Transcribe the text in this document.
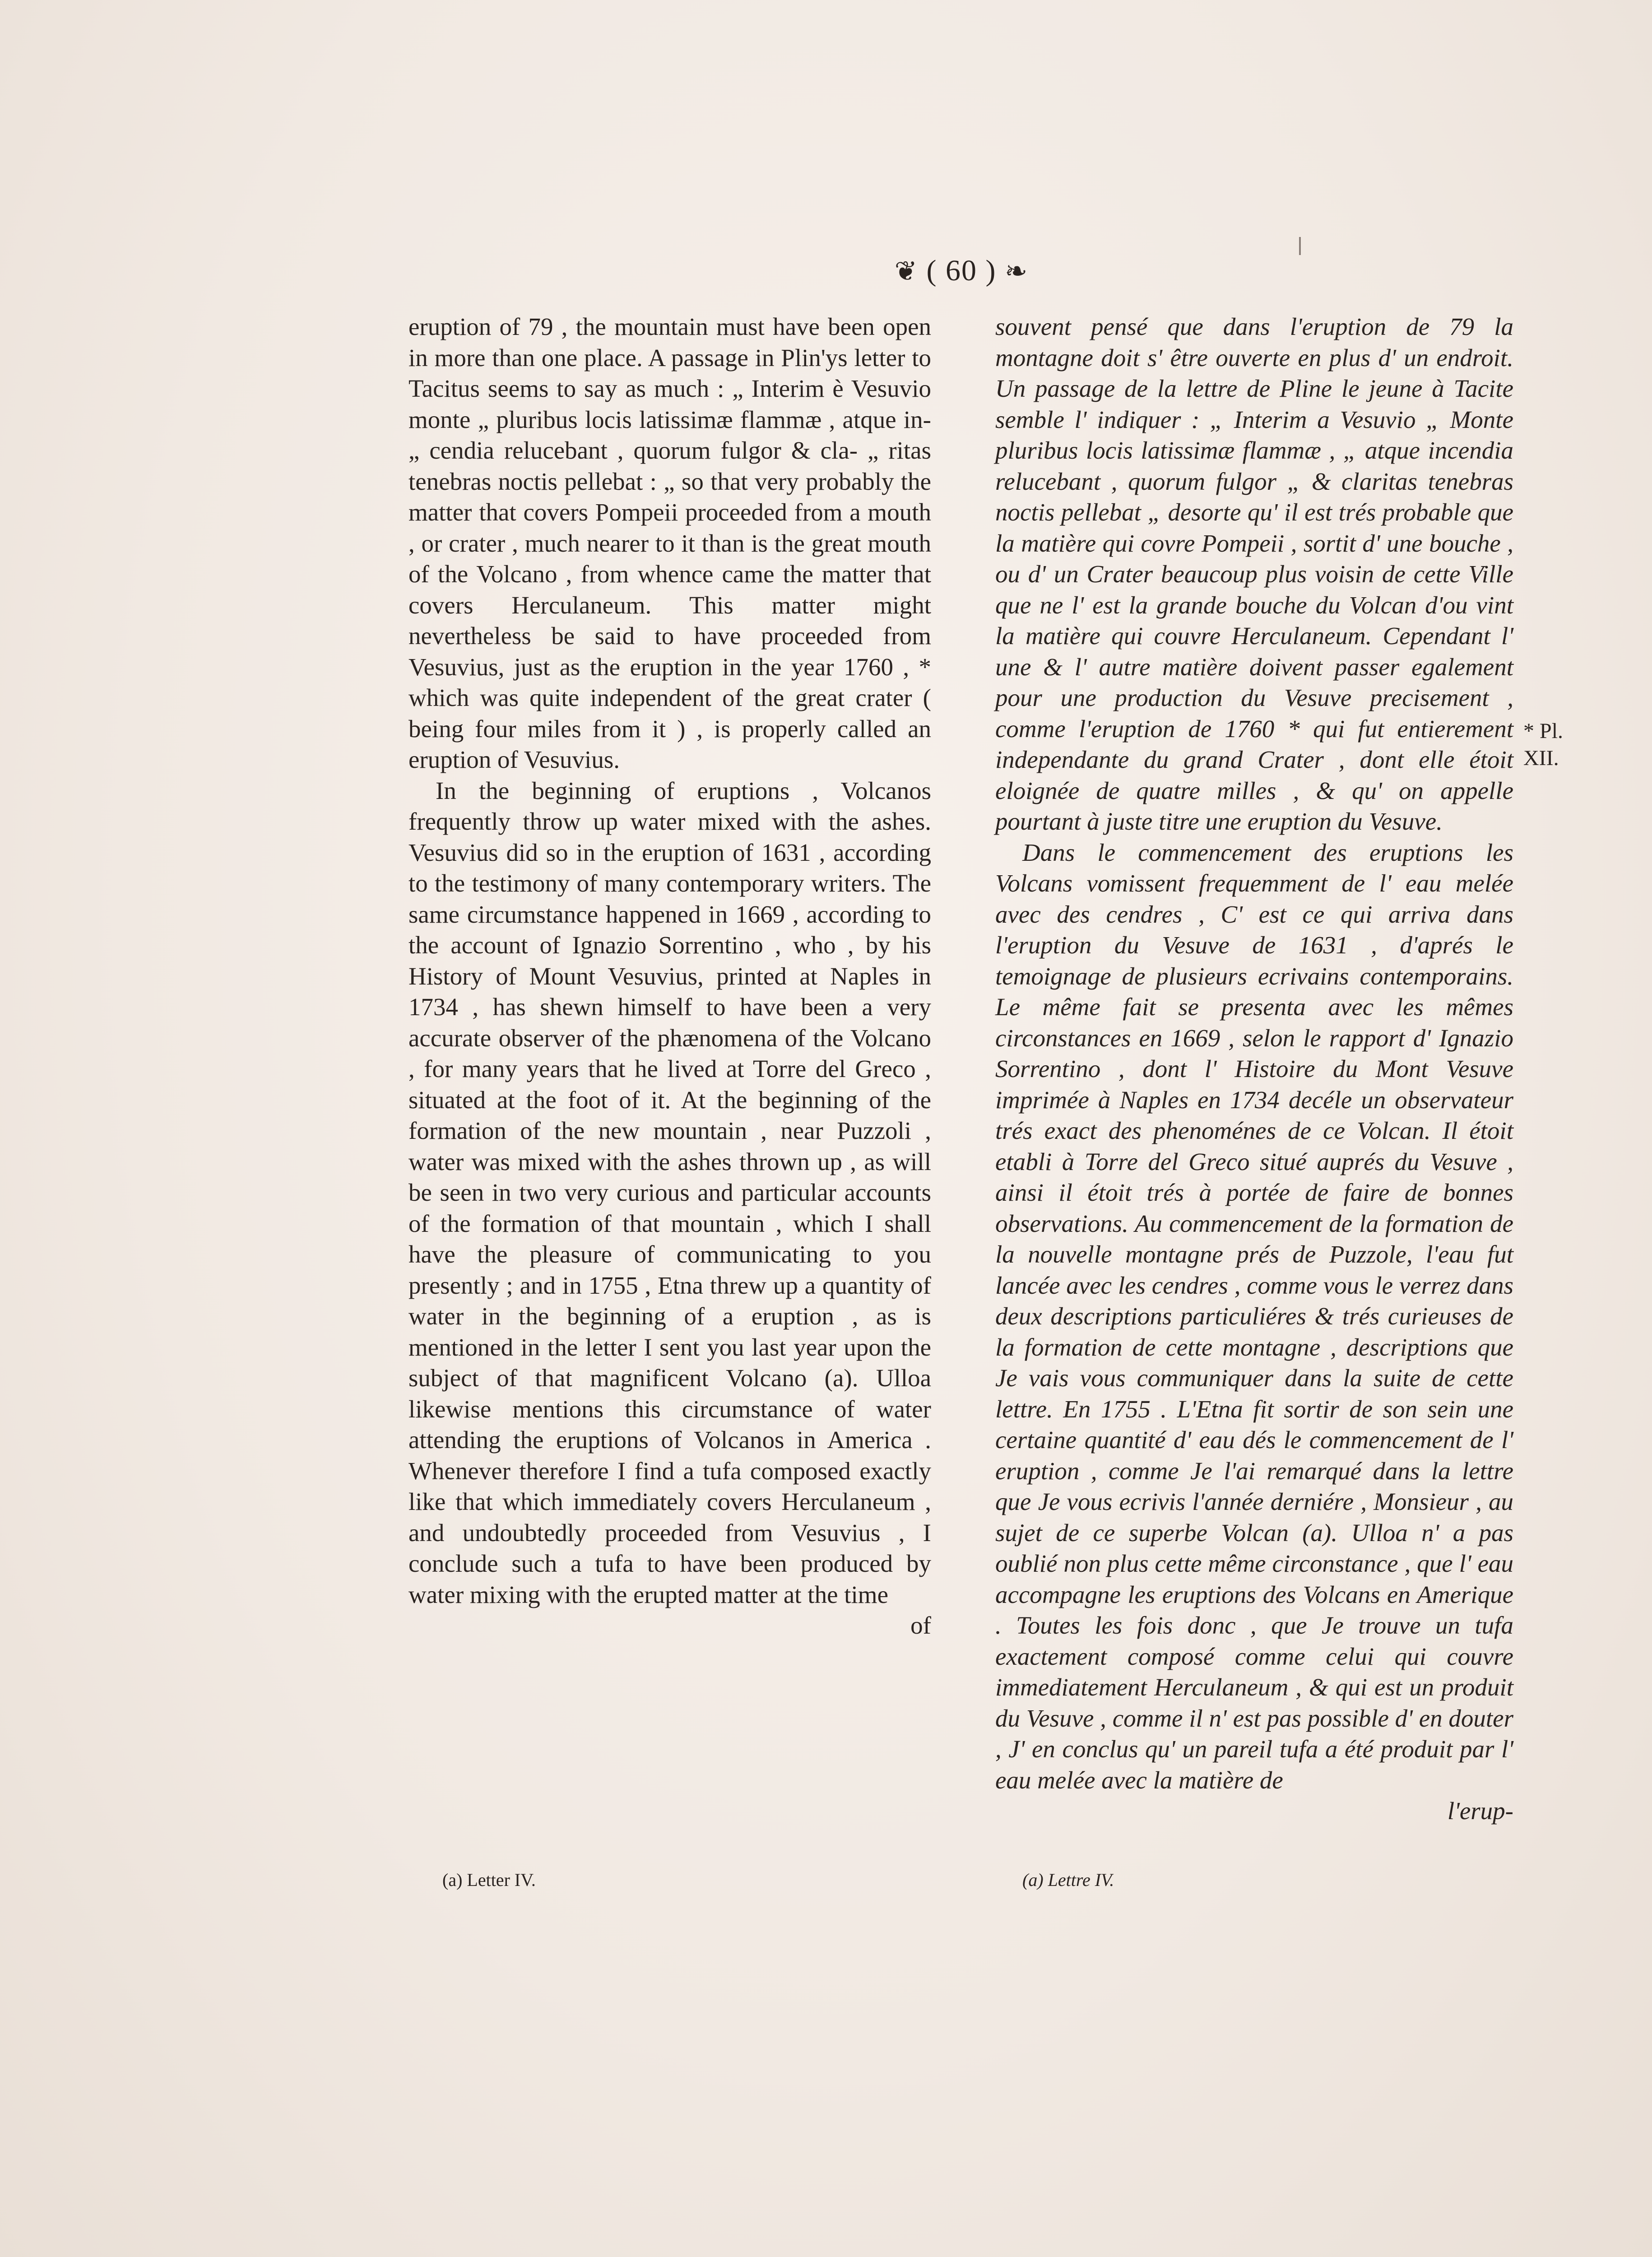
❦ ( 60 ) ❧

eruption of 79 , the mountain must have been open in more than one place. A passage in Plin'ys letter to Tacitus seems to say as much : „ Interim è Vesuvio monte „ pluribus locis latissimæ flammæ , atque in- „ cendia relucebant , quorum fulgor & cla- „ ritas tenebras noctis pellebat : „ so that very probably the matter that covers Pompeii proceeded from a mouth , or crater , much nearer to it than is the great mouth of the Volcano , from whence came the matter that covers Herculaneum. This matter might nevertheless be said to have proceeded from Vesuvius, just as the eruption in the year 1760 , * which was quite independent of the great crater ( being four miles from it ) , is properly called an eruption of Vesuvius.

In the beginning of eruptions , Volcanos frequently throw up water mixed with the ashes. Vesuvius did so in the eruption of 1631 , according to the testimony of many contemporary writers. The same circumstance happened in 1669 , according to the account of Ignazio Sorrentino , who , by his History of Mount Vesuvius, printed at Naples in 1734 , has shewn himself to have been a very accurate observer of the phænomena of the Volcano , for many years that he lived at Torre del Greco , situated at the foot of it. At the beginning of the formation of the new mountain , near Puzzoli , water was mixed with the ashes thrown up , as will be seen in two very curious and particular accounts of the formation of that mountain , which I shall have the pleasure of communicating to you presently ; and in 1755 , Etna threw up a quantity of water in the beginning of a eruption , as is mentioned in the letter I sent you last year upon the subject of that magnificent Volcano (a). Ulloa likewise mentions this circumstance of water attending the eruptions of Volcanos in America . Whenever therefore I find a tufa composed exactly like that which immediately covers Herculaneum , and undoubtedly proceeded from Vesuvius , I conclude such a tufa to have been produced by water mixing with the erupted matter at the time

of

souvent pensé que dans l'eruption de 79 la montagne doit s' être ouverte en plus d' un endroit. Un passage de la lettre de Pline le jeune à Tacite semble l' indiquer : „ Interim a Vesuvio „ Monte pluribus locis latissimæ flammæ , „ atque incendia relucebant , quorum fulgor „ & claritas tenebras noctis pellebat „ desorte qu' il est trés probable que la matière qui covre Pompeii , sortit d' une bouche , ou d' un Crater beaucoup plus voisin de cette Ville que ne l' est la grande bouche du Volcan d'ou vint la matière qui couvre Herculaneum. Cependant l' une & l' autre matière doivent passer egalement pour une production du Vesuve precisement , comme l'eruption de 1760 * qui fut entierement independante du grand Crater , dont elle étoit eloignée de quatre milles , & qu' on appelle pourtant à juste titre une eruption du Vesuve.

Dans le commencement des eruptions les Volcans vomissent frequemment de l' eau melée avec des cendres , C' est ce qui arriva dans l'eruption du Vesuve de 1631 , d'aprés le temoignage de plusieurs ecrivains contemporains. Le même fait se presenta avec les mêmes circonstances en 1669 , selon le rapport d' Ignazio Sorrentino , dont l' Histoire du Mont Vesuve imprimée à Naples en 1734 decéle un observateur trés exact des phenoménes de ce Volcan. Il étoit etabli à Torre del Greco situé auprés du Vesuve , ainsi il étoit trés à portée de faire de bonnes observations. Au commencement de la formation de la nouvelle montagne prés de Puzzole, l'eau fut lancée avec les cendres , comme vous le verrez dans deux descriptions particuliéres & trés curieuses de la formation de cette montagne , descriptions que Je vais vous communiquer dans la suite de cette lettre. En 1755 . L'Etna fit sortir de son sein une certaine quantité d' eau dés le commencement de l' eruption , comme Je l'ai remarqué dans la lettre que Je vous ecrivis l'année derniére , Monsieur , au sujet de ce superbe Volcan (a). Ulloa n' a pas oublié non plus cette même circonstance , que l' eau accompagne les eruptions des Volcans en Amerique . Toutes les fois donc , que Je trouve un tufa exactement composé comme celui qui couvre immediatement Herculaneum , & qui est un produit du Vesuve , comme il n' est pas possible d' en douter , J' en conclus qu' un pareil tufa a été produit par l' eau melée avec la matière de

l'erup-

* Pl.
XII.
(a) Letter IV.	(a) Lettre IV.
